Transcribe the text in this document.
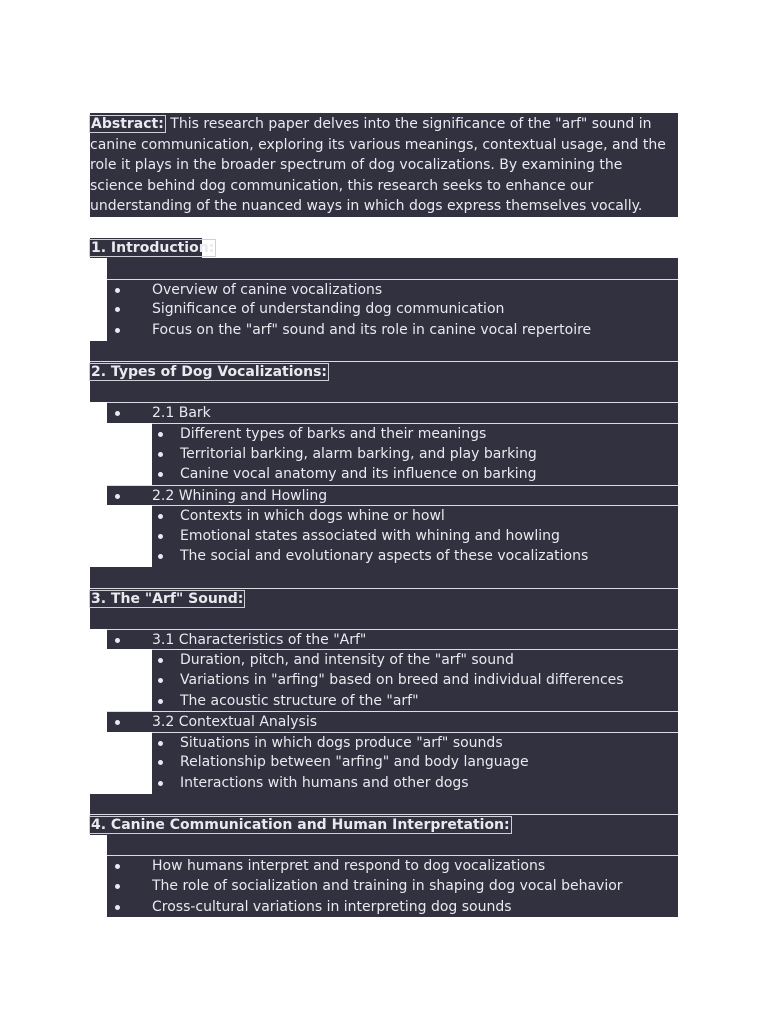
Abstract: This research paper delves into the significance of the "arf" sound in canine communication, exploring its various meanings, contextual usage, and the role it plays in the broader spectrum of dog vocalizations. By examining the science behind dog communication, this research seeks to enhance our understanding of the nuanced ways in which dogs express themselves vocally.
1. Introduction:
Overview of canine vocalizations
Significance of understanding dog communication
Focus on the "arf" sound and its role in canine vocal repertoire
2. Types of Dog Vocalizations:
2.1 Bark
Different types of barks and their meanings
Territorial barking, alarm barking, and play barking
Canine vocal anatomy and its influence on barking
2.2 Whining and Howling
Contexts in which dogs whine or howl
Emotional states associated with whining and howling
The social and evolutionary aspects of these vocalizations
3. The "Arf" Sound:
3.1 Characteristics of the "Arf"
Duration, pitch, and intensity of the "arf" sound
Variations in "arfing" based on breed and individual differences
The acoustic structure of the "arf"
3.2 Contextual Analysis
Situations in which dogs produce "arf" sounds
Relationship between "arfing" and body language
Interactions with humans and other dogs
4. Canine Communication and Human Interpretation:
How humans interpret and respond to dog vocalizations
The role of socialization and training in shaping dog vocal behavior
Cross-cultural variations in interpreting dog sounds
